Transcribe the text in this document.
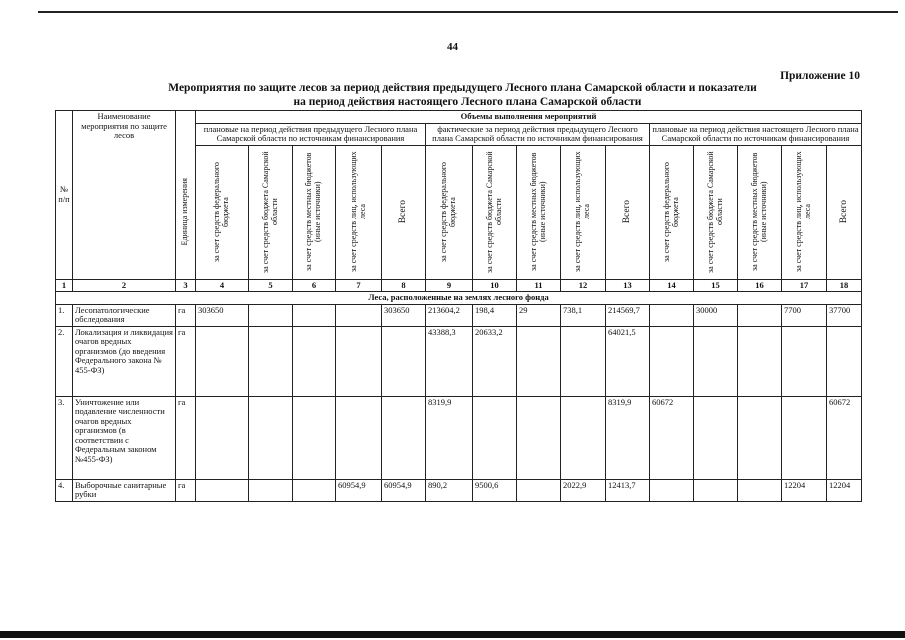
44
Приложение 10
Мероприятия по защите лесов за период действия предыдущего Лесного плана Самарской области и показатели
на период действия настоящего Лесного плана Самарской области
№ п/п	Наименование мероприятия по защите лесов		Объемы выполнения мероприятий														
			плановые на период действия предыдущего Лесного плана Самарской области по источникам финансирования					фактические за период действия предыдущего Лесного плана Самарской области по источникам финансирования					плановые на период действия настоящего Лесного плана Самарской области по источникам финансирования				

		Единица измерения	за счет средств федерального бюджета	за счет средств бюджета Самарской области	за счет средств местных бюджетов (иные источники)	за счет средств лиц, использующих леса	Всего	за счет средств федерального бюджета	за счет средств бюджета Самарской области	за счет средств местных бюджетов (иные источники)	за счет средств лиц, использующих леса	Всего	за счет средств федерального бюджета	за счет средств бюджета Самарской области	за счет средств местных бюджетов (иные источники)	за счет средств лиц, использующих леса	Всего

1	2	3	4	5	6	7	8	9	10	11	12	13	14	15	16	17	18
Леса, расположенные на землях лесного фонда																	
1.	Лесопатологические обследования	га	303650				303650	213604,2	198,4	29	738,1	214569,7		30000		7700	37700
2.	Локализация и ликвидация очагов вредных организмов (до введения Федерального закона № 455-ФЗ)	га						43388,3	20633,2			64021,5					
3.	Уничтожение или подавление численности очагов вредных организмов (в соответствии с Федеральным законом №455-ФЗ)	га						8319,9				8319,9	60672				60672
4.	Выборочные санитарные рубки	га				60954,9	60954,9	890,2	9500,6		2022,9	12413,7				12204	12204
